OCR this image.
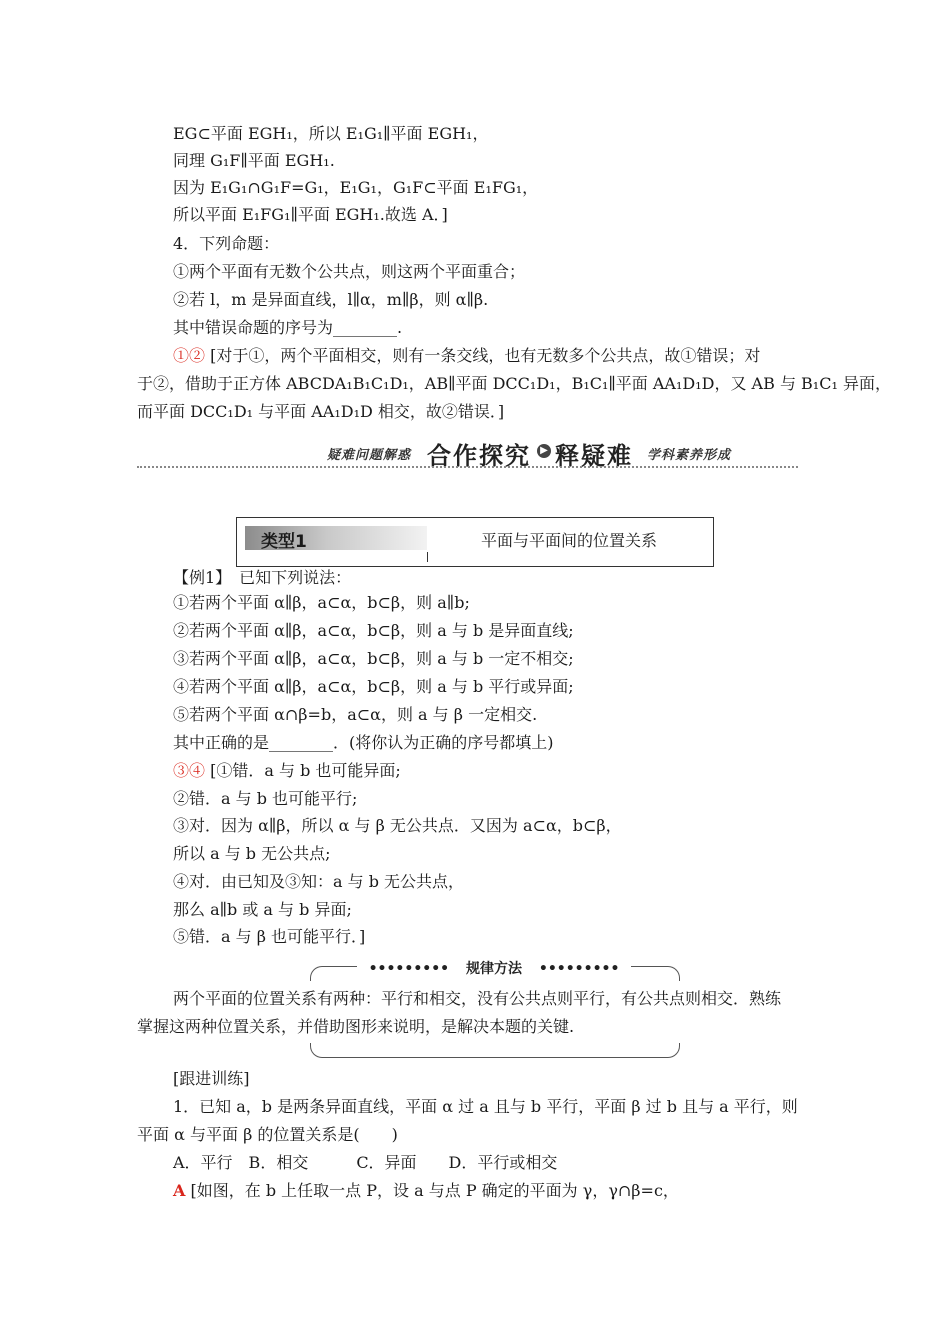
EG⊂平面 EGH₁，所以 E₁G₁∥平面 EGH₁，
同理 G₁F∥平面 EGH₁.
因为 E₁G₁∩G₁F=G₁，E₁G₁，G₁F⊂平面 E₁FG₁，
所以平面 E₁FG₁∥平面 EGH₁.故选 A．]
4．下列命题：
①两个平面有无数个公共点，则这两个平面重合；
②若 l，m 是异面直线，l∥α，m∥β，则 α∥β.
其中错误命题的序号为________.
①② [对于①，两个平面相交，则有一条交线，也有无数多个公共点，故①错误；对
于②，借助于正方体 ABCDA₁B₁C₁D₁，AB∥平面 DCC₁D₁，B₁C₁∥平面 AA₁D₁D，又 AB 与 B₁C₁ 异面，
而平面 DCC₁D₁ 与平面 AA₁D₁D 相交，故②错误．]
疑难问题解惑 合作探究 ▶ 释疑难 学科素养形成
类型1	平面与平面间的位置关系
【例1】　已知下列说法：
①若两个平面 α∥β，a⊂α，b⊂β，则 a∥b;
②若两个平面 α∥β，a⊂α，b⊂β，则 a 与 b 是异面直线;
③若两个平面 α∥β，a⊂α，b⊂β，则 a 与 b 一定不相交;
④若两个平面 α∥β，a⊂α，b⊂β，则 a 与 b 平行或异面;
⑤若两个平面 α∩β=b，a⊂α，则 a 与 β 一定相交.
其中正确的是________．(将你认为正确的序号都填上)
③④ [①错．a 与 b 也可能异面;
②错．a 与 b 也可能平行;
③对．因为 α∥β，所以 α 与 β 无公共点．又因为 a⊂α，b⊂β，
所以 a 与 b 无公共点;
④对．由已知及③知：a 与 b 无公共点，
那么 a∥b 或 a 与 b 异面;
⑤错．a 与 β 也可能平行．]
••••••••• 规律方法 •••••••••
两个平面的位置关系有两种：平行和相交，没有公共点则平行，有公共点则相交．熟练
掌握这两种位置关系，并借助图形来说明，是解决本题的关键.
[跟进训练]
1．已知 a，b 是两条异面直线，平面 α 过 a 且与 b 平行，平面 β 过 b 且与 a 平行，则
平面 α 与平面 β 的位置关系是(　　)
A．平行　B．相交　　　C．异面　　D．平行或相交
A [如图，在 b 上任取一点 P，设 a 与点 P 确定的平面为 γ，γ∩β=c，
